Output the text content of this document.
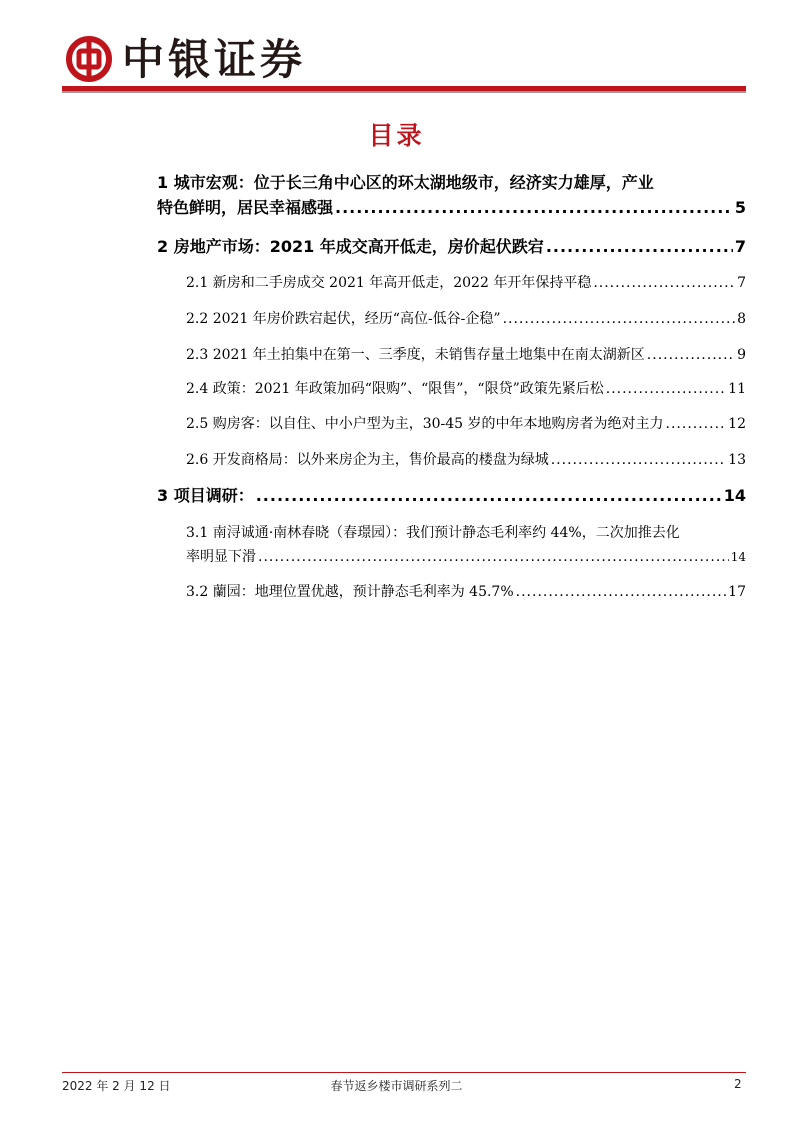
中银证券
目录
1 城市宏观：位于长三角中心区的环太湖地级市，经济实力雄厚，产业
特色鲜明，居民幸福感强 .....	5
2 房地产市场：2021 年成交高开低走，房价起伏跌宕 .....	7
2.1 新房和二手房成交 2021 年高开低走，2022 年开年保持平稳 .....	7
2.2 2021 年房价跌宕起伏，经历“高位-低谷-企稳” .....	8
2.3 2021 年土拍集中在第一、三季度，未销售存量土地集中在南太湖新区 .....	9
2.4 政策：2021 年政策加码“限购”、“限售”，“限贷”政策先紧后松 .....	11
2.5 购房客：以自住、中小户型为主，30-45 岁的中年本地购房者为绝对主力 .....	12
2.6 开发商格局：以外来房企为主，售价最高的楼盘为绿城 .....	13
3 项目调研： .....	14
3.1 南浔诚通·南林春晓（春璟园）：我们预计静态毛利率约 44%，二次加推去化
率明显下滑 .....	14
3.2 蘭园：地理位置优越，预计静态毛利率为 45.7% .....	17
2022 年 2 月 12 日	春节返乡楼市调研系列二	2
